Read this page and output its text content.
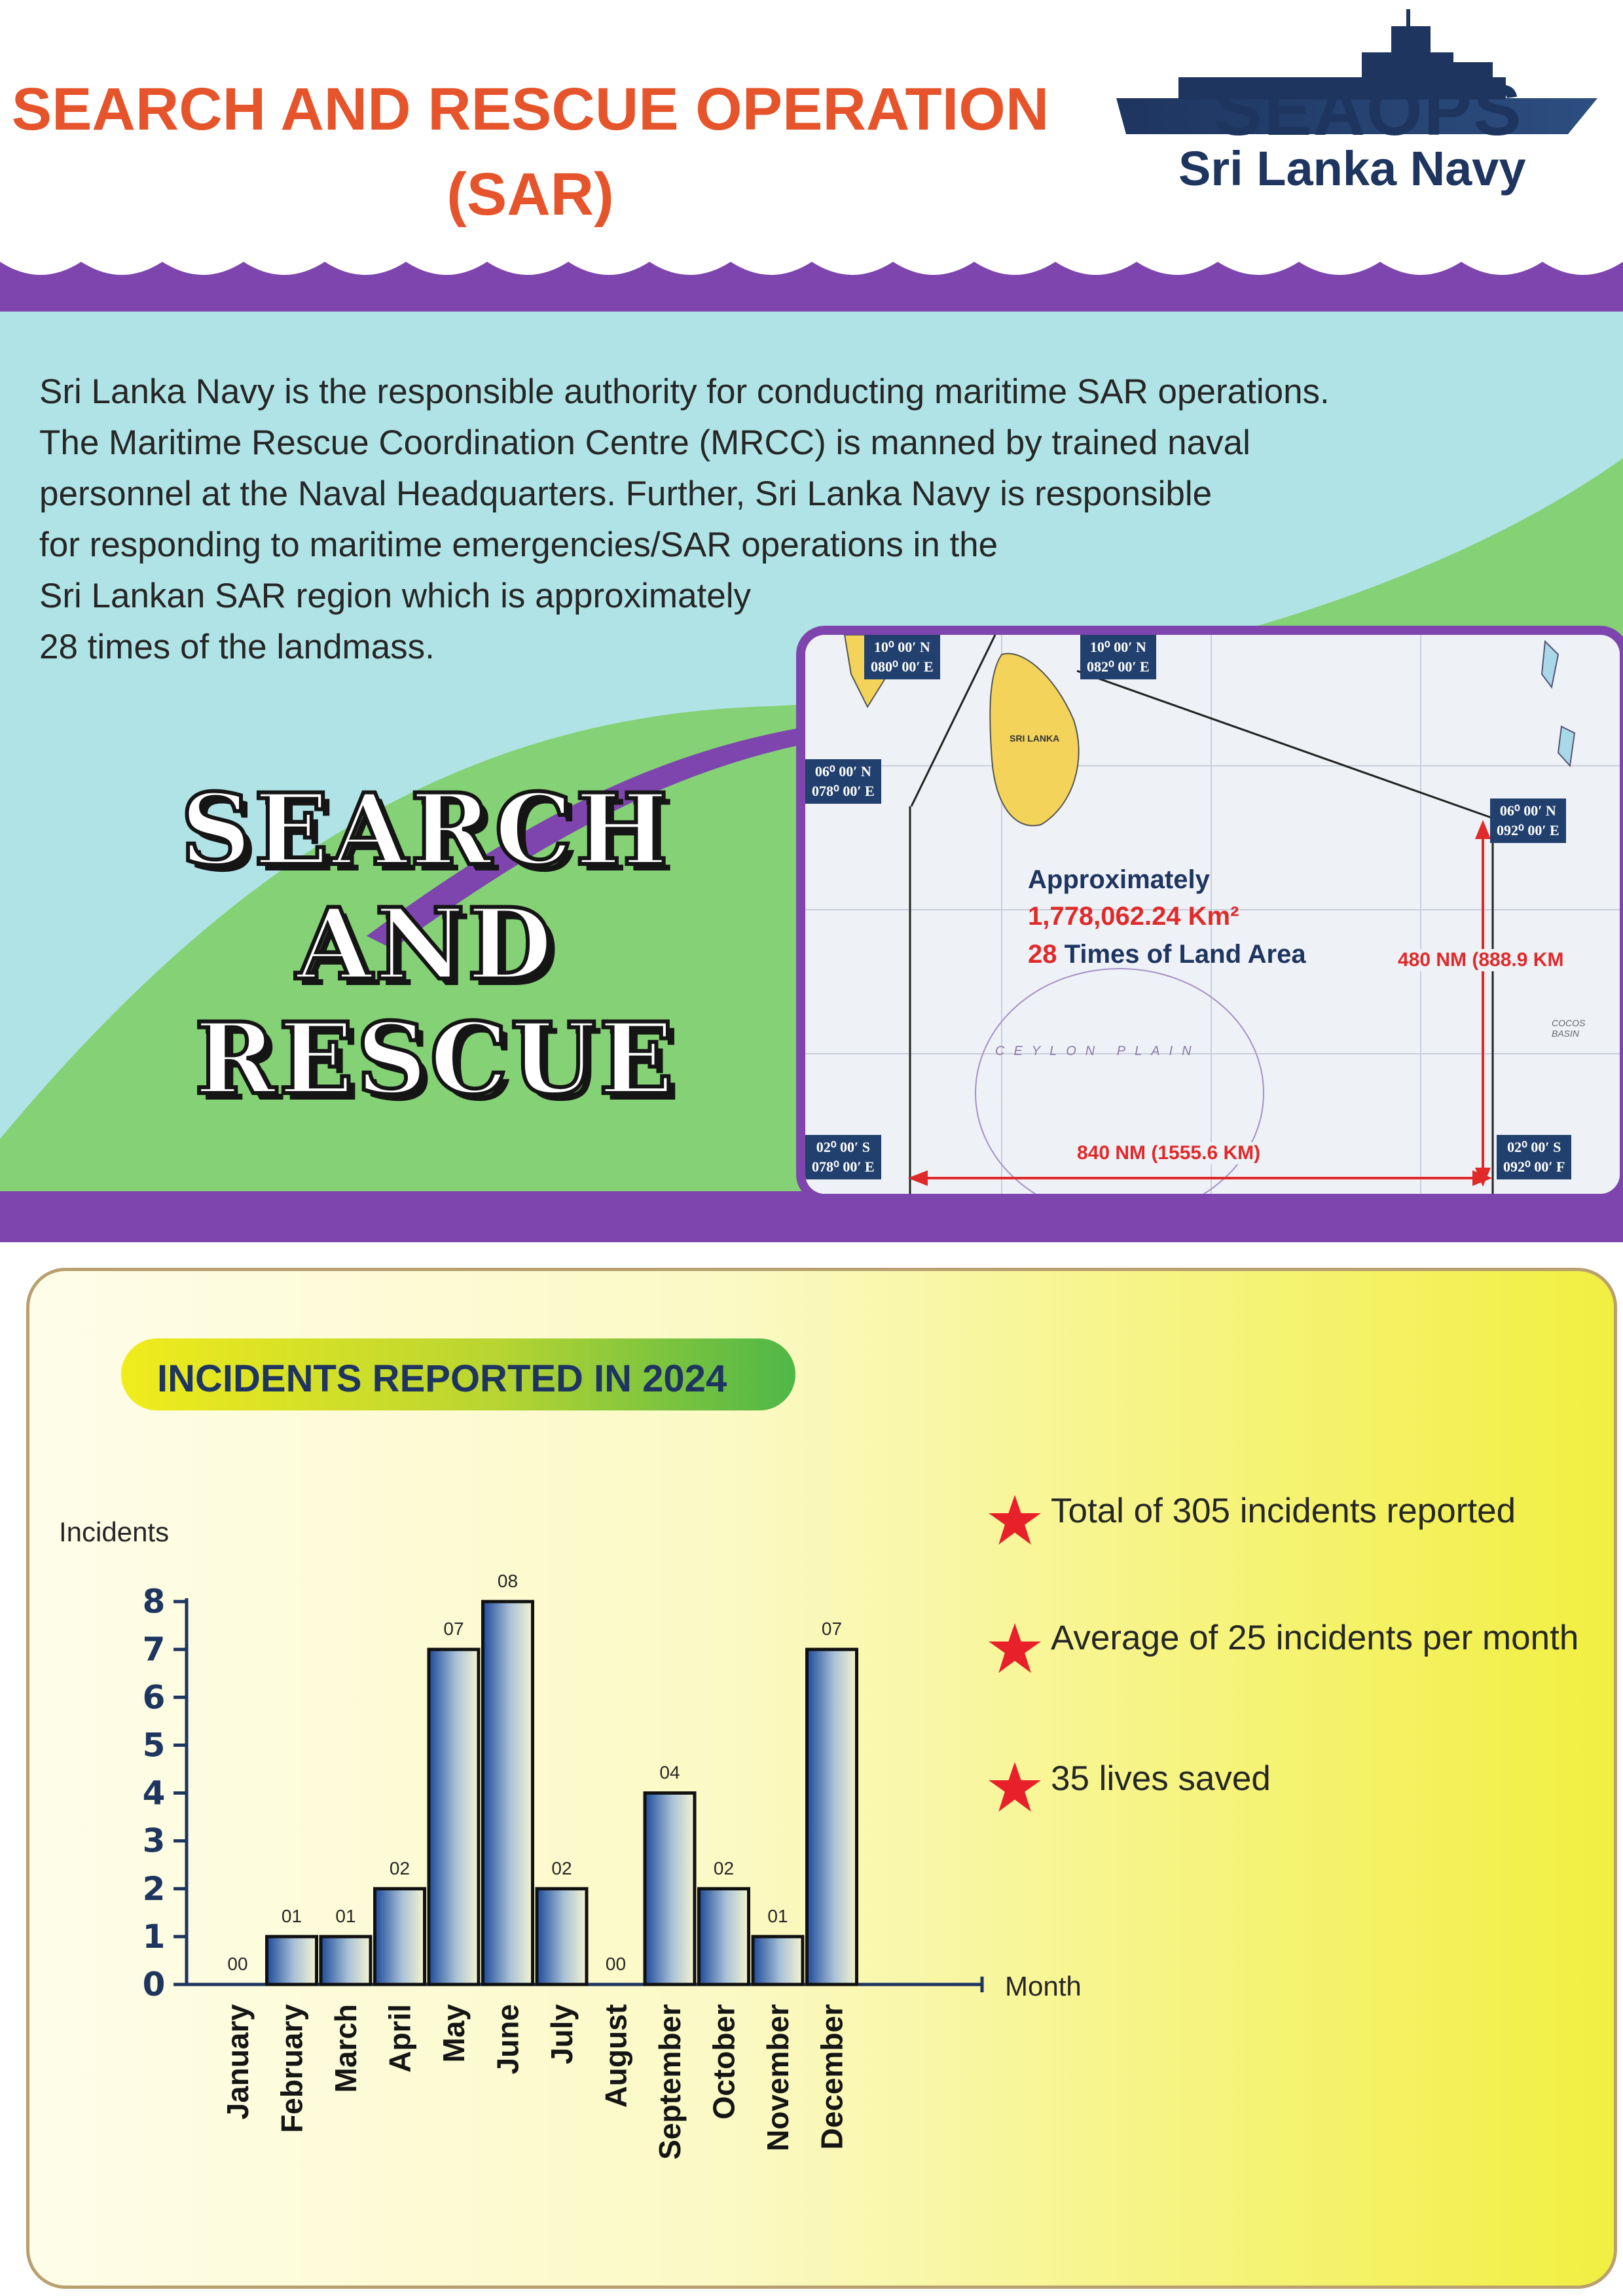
SEARCH AND RESCUE OPERATION
(SAR)
SEAOPS
Sri Lanka Navy
Sri Lanka Navy is the responsible authority for conducting maritime SAR operations.
The Maritime Rescue Coordination Centre (MRCC) is manned by trained naval
personnel at the Naval Headquarters. Further, Sri Lanka Navy is responsible
for responding to maritime emergencies/SAR operations in the
Sri Lankan SAR region which is approximately
28 times of the landmass.
SEARCH
AND
RESCUE
SRI LANKA
CEYLON PLAIN
COCOS BASIN
10⁰ 00′ N
080⁰ 00′ E
10⁰ 00′ N
082⁰ 00′ E
06⁰ 00′ N
078⁰ 00′ E
06⁰ 00′ N
092⁰ 00′ E
02⁰ 00′ S
078⁰ 00′ E
02⁰ 00′ S
092⁰ 00′ F
Approximately
1,778,062.24 Km²
28 Times of Land Area	480 NM (888.9 KM
840 NM (1555.6 KM)
INCIDENTS REPORTED IN 2024
Incidents
Month
0
1
2
3
4
5
6
7
8
00
January
01
February
01
March
02
April
07
May
08
June
02
July
00
August
04
September
02
October
01
November
07
December
Total of 305 incidents reported
Average of 25 incidents per month
35 lives saved
